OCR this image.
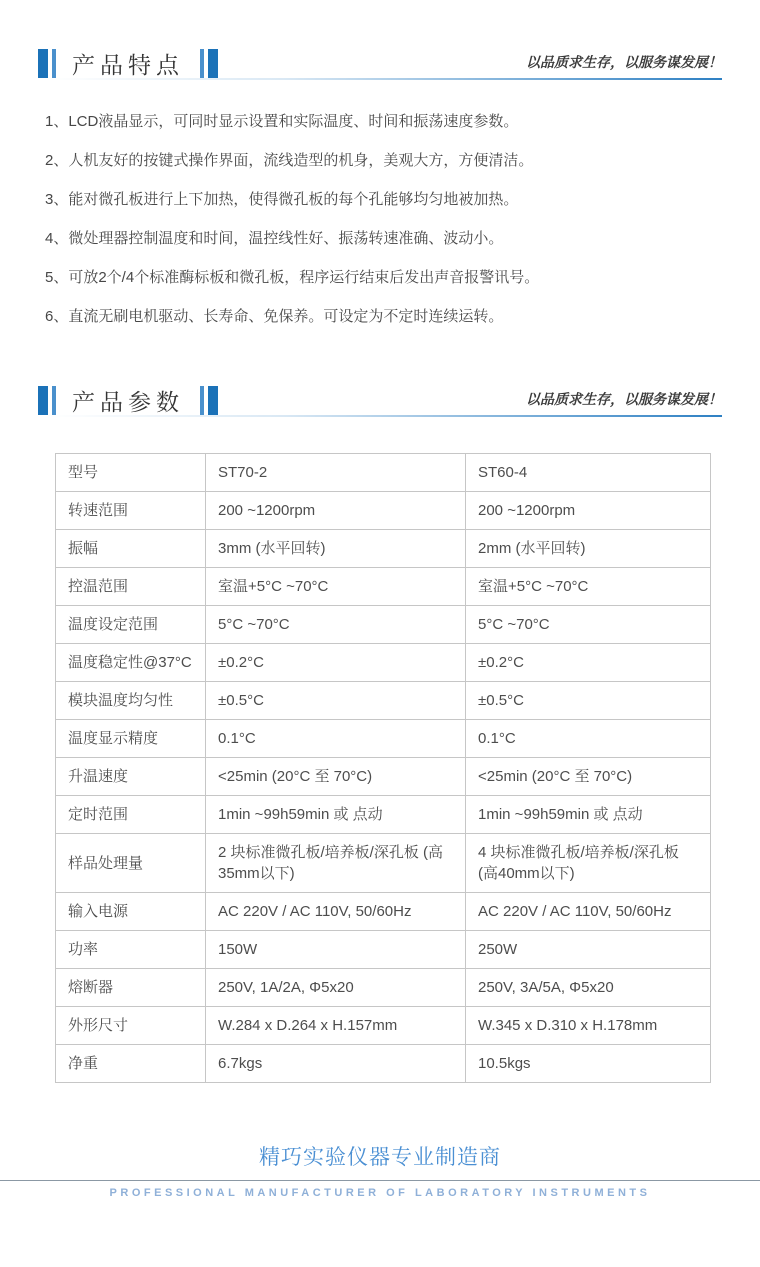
产品特点	以品质求生存，以服务谋发展！
1、LCD液晶显示，可同时显示设置和实际温度、时间和振荡速度参数。
2、人机友好的按键式操作界面，流线造型的机身，美观大方，方便清洁。
3、能对微孔板进行上下加热，使得微孔板的每个孔能够均匀地被加热。
4、微处理器控制温度和时间，温控线性好、振荡转速准确、波动小。
5、可放2个/4个标准酶标板和微孔板，程序运行结束后发出声音报警讯号。
6、直流无刷电机驱动、长寿命、免保养。可设定为不定时连续运转。
产品参数	以品质求生存，以服务谋发展！
型号	ST70-2	ST60-4
转速范围	200 ~1200rpm	200 ~1200rpm
振幅	3mm (水平回转)	2mm (水平回转)
控温范围	室温+5°C ~70°C	室温+5°C ~70°C
温度设定范围	5°C ~70°C	5°C ~70°C
温度稳定性@37°C	±0.2°C	±0.2°C
模块温度均匀性	±0.5°C	±0.5°C
温度显示精度	0.1°C	0.1°C
升温速度	<25min (20°C 至 70°C)	<25min (20°C 至 70°C)
定时范围	1min ~99h59min 或 点动	1min ~99h59min 或 点动
样品处理量	2 块标准微孔板/培养板/深孔板 (高35mm以下)	4 块标准微孔板/培养板/深孔板 (高40mm以下)
输入电源	AC 220V / AC 110V, 50/60Hz	AC 220V / AC 110V, 50/60Hz
功率	150W	250W
熔断器	250V, 1A/2A, Φ5x20	250V, 3A/5A, Φ5x20
外形尺寸	W.284 x D.264 x H.157mm	W.345 x D.310 x H.178mm
净重	6.7kgs	10.5kgs
精巧实验仪器专业制造商
PROFESSIONAL MANUFACTURER OF LABORATORY INSTRUMENTS
